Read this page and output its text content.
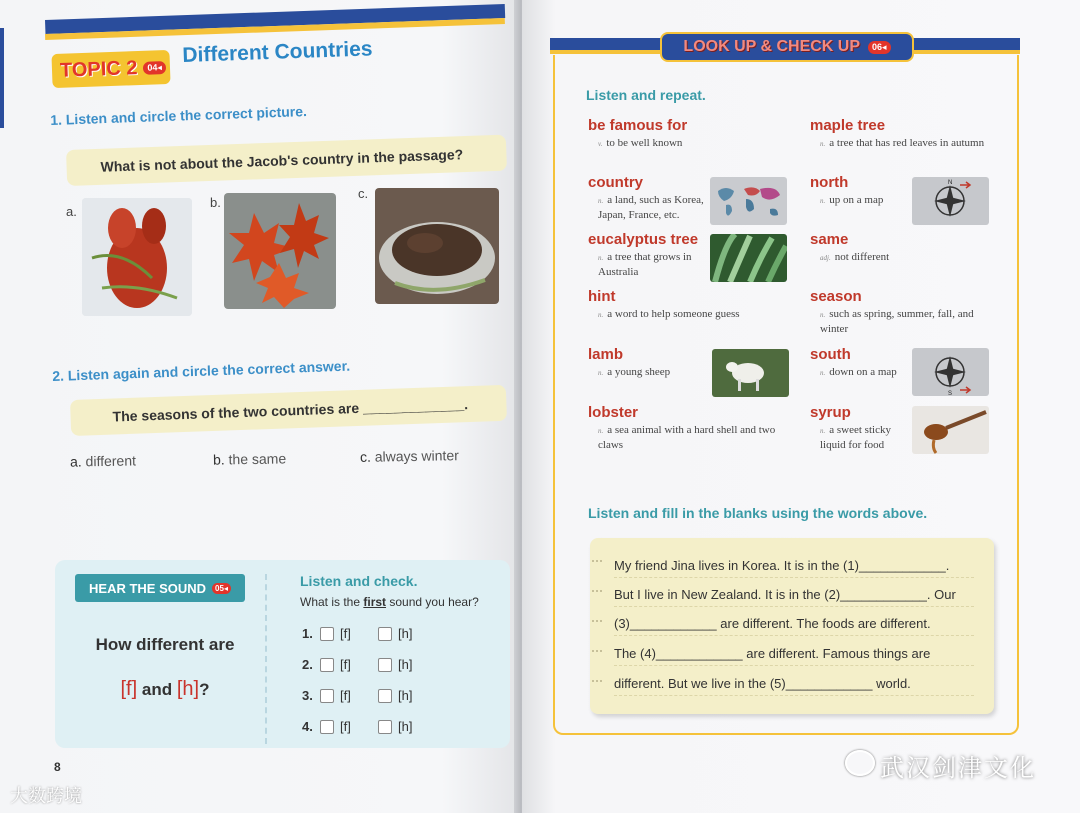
TOPIC 2 04 ◂ Different Countries
1. Listen and circle the correct picture.
What is not about the Jacob's country in the passage?
a.
b.
c.
2. Listen again and circle the correct answer.
The seasons of the two countries are _____________.
a. different	b. the same	c. always winter
HEAR THE SOUND	05◂
How different are
[f] and [h]?
Listen and check.
What is the first sound you hear?
1.	[f]	[h]
2.	[f]	[h]
3.	[f]	[h]
4.	[f]	[h]
8
大数跨境
LOOK UP & CHECK UP	06◂
Listen and repeat.
be famous for
v. to be well known
country
n. a land, such as Korea, Japan, France, etc.
eucalyptus tree
n. a tree that grows in Australia
hint
n. a word to help someone guess
lamb
n. a young sheep
lobster
n. a sea animal with a hard shell and two claws
maple tree
n. a tree that has red leaves in autumn
north
n. up on a map
same
adj. not different
season
n. such as spring, summer, fall, and winter
south
n. down on a map
syrup
n. a sweet sticky liquid for food
N
S
Listen and fill in the blanks using the words above.
My friend Jina lives in Korea. It is in the (1)____________.
But I live in New Zealand. It is in the (2)____________. Our
(3)____________ are different. The foods are different.
The (4)____________ are different. Famous things are
different. But we live in the (5)____________ world.
武汉剑津文化
